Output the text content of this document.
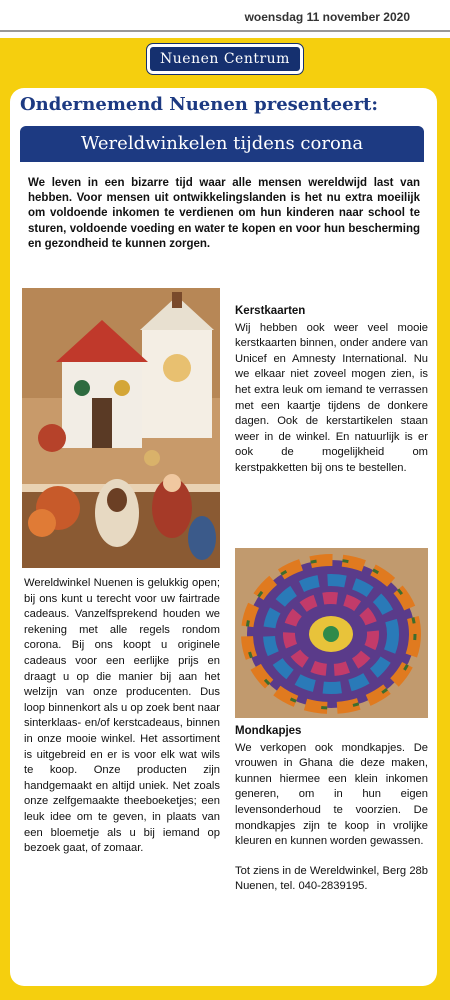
woensdag 11 november 2020
Nuenen Centrum
Ondernemend Nuenen presenteert:
Wereldwinkelen tijdens corona
We leven in een bizarre tijd waar alle mensen wereldwijd last van hebben. Voor mensen uit ontwikkelingslanden is het nu extra moeilijk om voldoende inkomen te verdienen om hun kinderen naar school te sturen, voldoende voeding en water te kopen en voor hun bescherming en gezondheid te kunnen zorgen.
Kerstkaarten
Wij hebben ook weer veel mooie kerstkaarten binnen, onder andere van Unicef en Amnesty International. Nu we elkaar niet zoveel mogen zien, is het extra leuk om iemand te verrassen met een kaartje tijdens de donkere dagen. Ook de kerstartikelen staan weer in de winkel. En natuurlijk is er ook de mogelijkheid om kerstpakketten bij ons te bestellen.
Wereldwinkel Nuenen is gelukkig open; bij ons kunt u terecht voor uw fairtrade cadeaus. Vanzelfsprekend houden we rekening met alle regels rondom corona. Bij ons koopt u originele cadeaus voor een eerlijke prijs en draagt u op die manier bij aan het welzijn van onze producenten. Dus loop binnenkort als u op zoek bent naar sinterklaas- en/of kerstcadeaus, binnen in onze mooie winkel. Het assortiment is uitgebreid en er is voor elk wat wils te koop. Onze producten zijn handgemaakt en altijd uniek. Net zoals onze zelfgemaakte theeboeketjes; een leuk idee om te geven, in plaats van een bloemetje als u bij iemand op bezoek gaat, of zomaar.
Mondkapjes
We verkopen ook mondkapjes. De vrouwen in Ghana die deze maken, kunnen hiermee een klein inkomen generen, om in hun eigen levensonderhoud te voorzien. De mondkapjes zijn te koop in vrolijke kleuren en kunnen worden gewassen.
Tot ziens in de Wereldwinkel, Berg 28b Nuenen, tel. 040-2839195.
